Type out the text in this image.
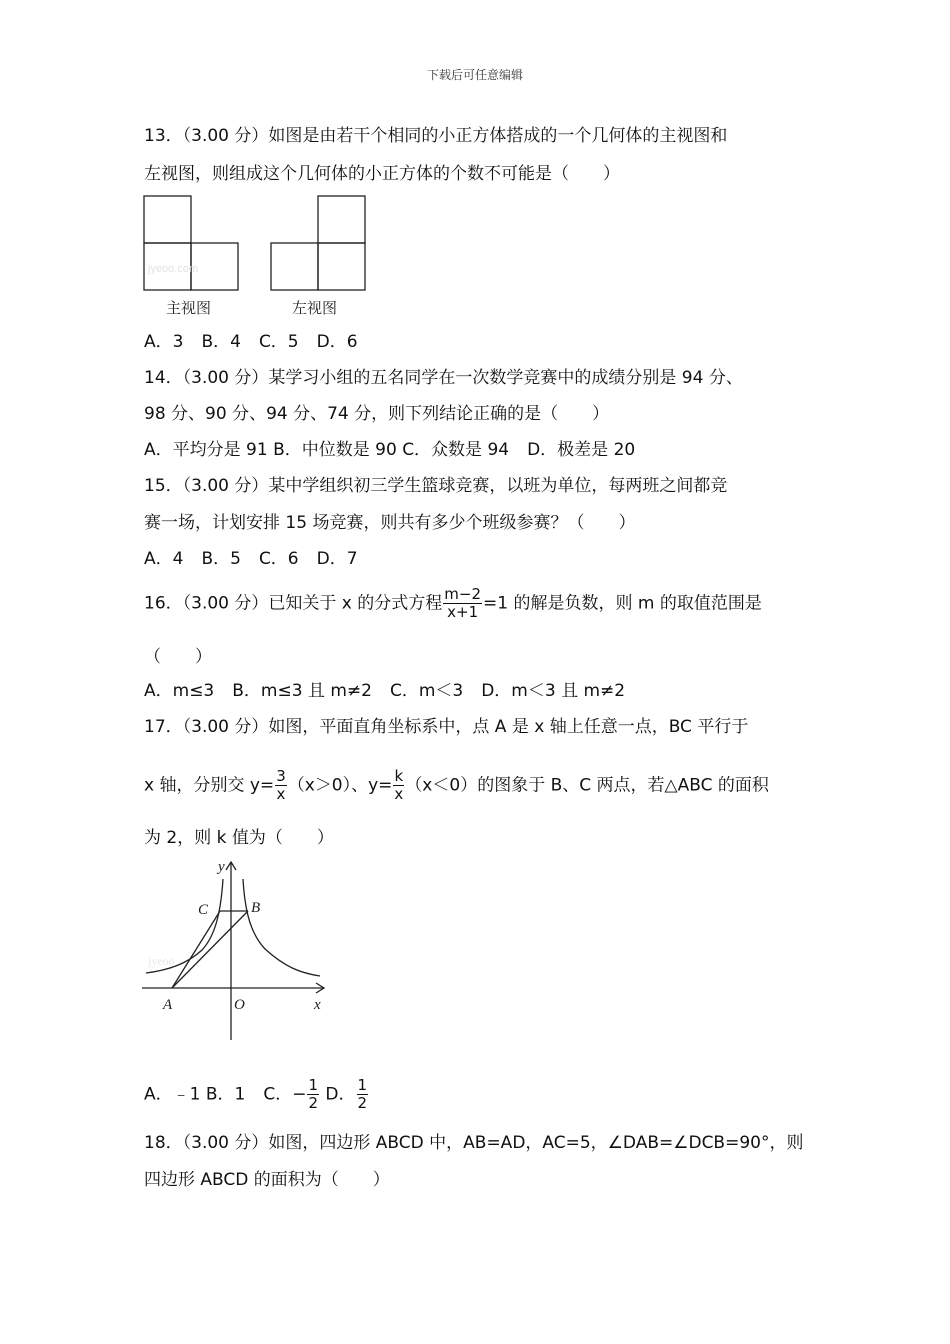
下载后可任意编辑
13．（3.00 分）如图是由若干个相同的小正方体搭成的一个几何体的主视图和
左视图，则组成这个几何体的小正方体的个数不可能是（　　）
jyeoo.com
主视图	左视图
A．3 B．4 C．5 D．6
14．（3.00 分）某学习小组的五名同学在一次数学竞赛中的成绩分别是 94 分、
98 分、90 分、94 分、74 分，则下列结论正确的是（　　）
A．平均分是 91 B．中位数是 90 C．众数是 94 D．极差是 20
15．（3.00 分）某中学组织初三学生篮球竞赛，以班为单位，每两班之间都竞
赛一场，计划安排 15 场竞赛，则共有多少个班级参赛？（　　）
A．4 B．5 C．6 D．7
16．（3.00 分）已知关于 x 的分式方程 $\frac{m-2}{x+1} =1$ 的解是负数，则 m 的取值范围是
（　　）
A．m≤3 B．m≤3 且 m≠2 C．m＜3 D．m＜3 且 m≠2
17．（3.00 分）如图，平面直角坐标系中，点 A 是 x 轴上任意一点，BC 平行于
x 轴，分别交 $y= \frac{3}{x} (x>0)$、$y= \frac{k}{x} (x<0)$的图象于 B、C 两点，若△ABC 的面积
为 2，则 k 值为（　　）
jyeoo
y
C	B
A	O	x
A．﹣1 B．1 C．− $\frac{1}{2}$ D． $\frac{1}{2}$
18．（3.00 分）如图，四边形 ABCD 中，AB=AD，AC=5，∠DAB=∠DCB=90°，则
四边形 ABCD 的面积为（　　）
